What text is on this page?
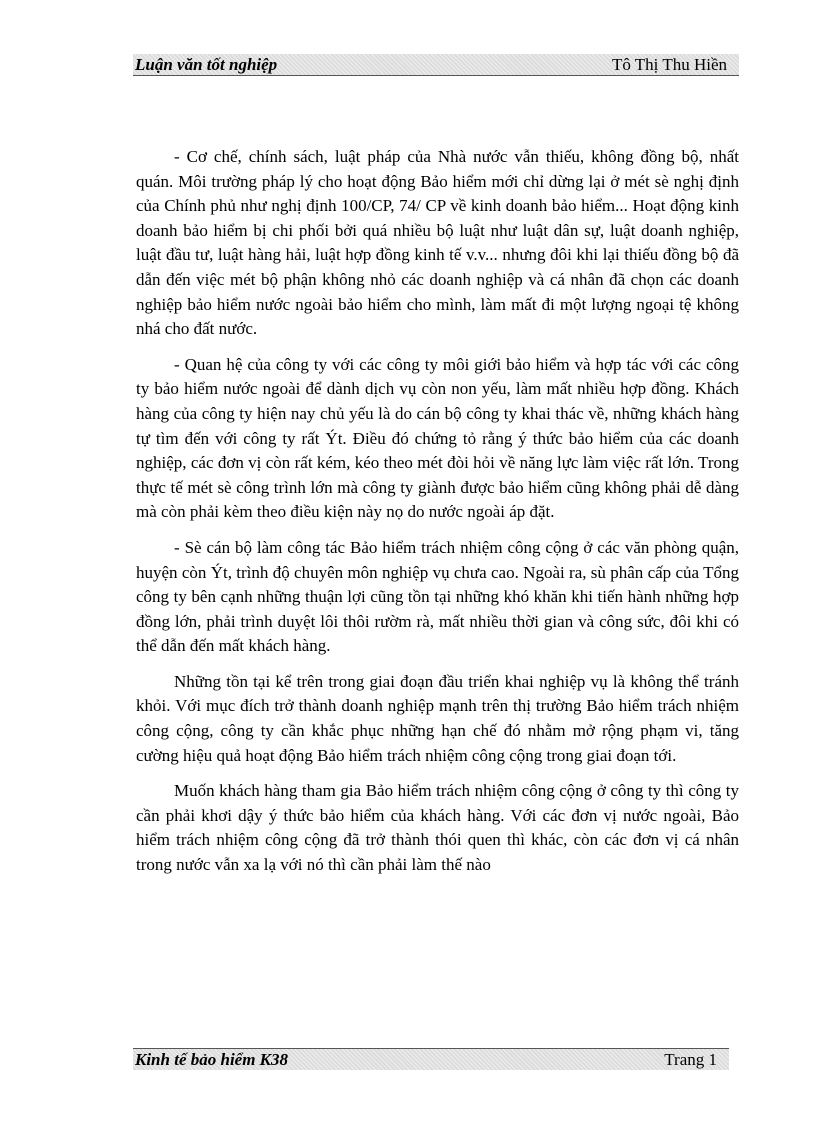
Luận văn tốt nghiệp	Tô Thị Thu Hiền

- Cơ chế, chính sách, luật pháp của Nhà nước vẫn thiếu, không đồng bộ, nhất quán. Môi trường pháp lý cho hoạt động Bảo hiểm mới chỉ dừng lại ở mét sè nghị định của Chính phủ như nghị định 100/CP, 74/ CP về kinh doanh bảo hiểm... Hoạt động kinh doanh bảo hiểm bị chi phối bởi quá nhiều bộ luật như luật dân sự, luật doanh nghiệp, luật đầu tư, luật hàng hải, luật hợp đồng kinh tế v.v... nhưng đôi khi lại thiếu đồng bộ đã dẫn đến việc mét bộ phận không nhỏ các doanh nghiệp và cá nhân đã chọn các doanh nghiệp bảo hiểm nước ngoài bảo hiểm cho mình, làm mất đi một lượng ngoại tệ không nhá cho đất nước.

- Quan hệ của công ty với các công ty môi giới bảo hiểm và hợp tác với các công ty bảo hiểm nước ngoài để dành dịch vụ còn non yếu, làm mất nhiều hợp đồng. Khách hàng của công ty hiện nay chủ yếu là do cán bộ công ty khai thác về, những khách hàng tự tìm đến với công ty rất Ýt. Điều đó chứng tỏ rằng ý thức bảo hiểm của các doanh nghiệp, các đơn vị còn rất kém, kéo theo mét đòi hỏi về năng lực làm việc rất lớn. Trong thực tế mét sè công trình lớn mà công ty giành được bảo hiểm cũng không phải dễ dàng mà còn phải kèm theo điều kiện này nọ do nước ngoài áp đặt.

- Sè cán bộ làm công tác Bảo hiểm trách nhiệm công cộng ở các văn phòng quận, huyện còn Ýt, trình độ chuyên môn nghiệp vụ chưa cao. Ngoài ra, sù phân cấp của Tổng công ty bên cạnh những thuận lợi cũng tồn tại những khó khăn khi tiến hành những hợp đồng lớn, phải trình duyệt lôi thôi rườm rà, mất nhiều thời gian và công sức, đôi khi có thể dẫn đến mất khách hàng.

Những tồn tại kể trên trong giai đoạn đầu triển khai nghiệp vụ là không thể tránh khỏi. Với mục đích trở thành doanh nghiệp mạnh trên thị trường Bảo hiểm trách nhiệm công cộng, công ty cần khắc phục những hạn chế đó nhằm mở rộng phạm vi, tăng cường hiệu quả hoạt động Bảo hiểm trách nhiệm công cộng trong giai đoạn tới.

Muốn khách hàng tham gia Bảo hiểm trách nhiệm công cộng ở công ty thì công ty cần phải khơi dậy ý thức bảo hiểm của khách hàng. Với các đơn vị nước ngoài, Bảo hiểm trách nhiệm công cộng đã trở thành thói quen thì khác, còn các đơn vị cá nhân trong nước vẫn xa lạ với nó thì cần phải làm thế nào

Kinh tế bảo hiểm K38	Trang 1
